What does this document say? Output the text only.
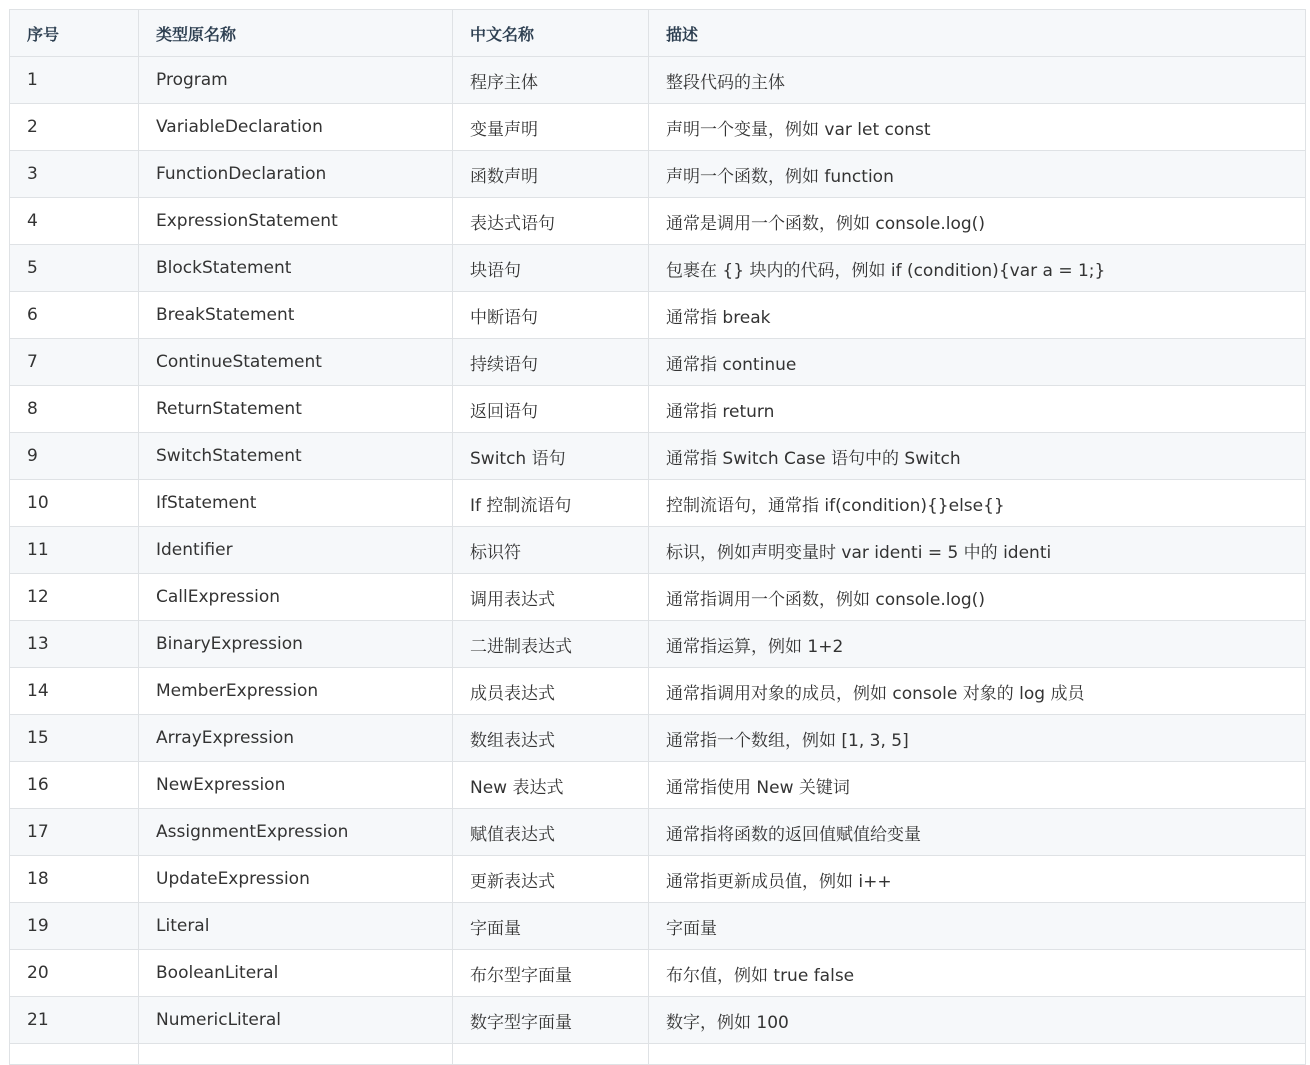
序号	类型原名称	中文名称	描述
1	Program	程序主体	整段代码的主体
2	VariableDeclaration	变量声明	声明一个变量，例如 var let const
3	FunctionDeclaration	函数声明	声明一个函数，例如 function
4	ExpressionStatement	表达式语句	通常是调用一个函数，例如 console.log()
5	BlockStatement	块语句	包裹在 {} 块内的代码，例如 if (condition){var a = 1;}
6	BreakStatement	中断语句	通常指 break
7	ContinueStatement	持续语句	通常指 continue
8	ReturnStatement	返回语句	通常指 return
9	SwitchStatement	Switch 语句	通常指 Switch Case 语句中的 Switch
10	IfStatement	If 控制流语句	控制流语句，通常指 if(condition){}else{}
11	Identifier	标识符	标识，例如声明变量时 var identi = 5 中的 identi
12	CallExpression	调用表达式	通常指调用一个函数，例如 console.log()
13	BinaryExpression	二进制表达式	通常指运算，例如 1+2
14	MemberExpression	成员表达式	通常指调用对象的成员，例如 console 对象的 log 成员
15	ArrayExpression	数组表达式	通常指一个数组，例如 [1, 3, 5]
16	NewExpression	New 表达式	通常指使用 New 关键词
17	AssignmentExpression	赋值表达式	通常指将函数的返回值赋值给变量
18	UpdateExpression	更新表达式	通常指更新成员值，例如 i++
19	Literal	字面量	字面量
20	BooleanLiteral	布尔型字面量	布尔值，例如 true false
21	NumericLiteral	数字型字面量	数字，例如 100
